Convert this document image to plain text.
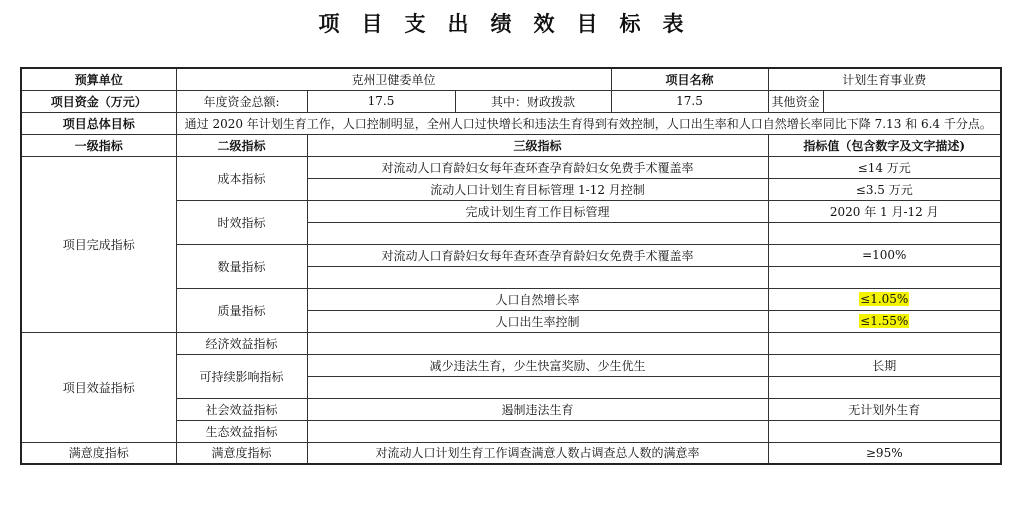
项目支出绩效目标表
预算单位	克州卫健委单位			项目名称	计划生育事业费	
项目资金（万元）	年度资金总额:	17.5	其中：财政拨款	17.5	其他资金	
项目总体目标	通过 2020 年计划生育工作，人口控制明显，全州人口过快增长和违法生育得到有效控制，人口出生率和人口自然增长率同比下降 7.13 和 6.4 千分点。					
一级指标	二级指标	三级指标			指标值（包含数字及文字描述)	
项目完成指标	成本指标	对流动人口育龄妇女每年查环查孕育龄妇女免费手术覆盖率			≤14 万元	
		流动人口计划生育目标管理 1-12 月控制			≤3.5 万元	
	时效指标	完成计划生育工作目标管理			2020 年 1 月-12 月	

	数量指标	对流动人口育龄妇女每年查环查孕育龄妇女免费手术覆盖率			=100%	

	质量指标	人口自然增长率			≤1.05%	
		人口出生率控制			≤1.55%	
项目效益指标	经济效益指标					
	可持续影响指标	减少违法生育，少生快富奖励、少生优生			长期	

	社会效益指标	遏制违法生育			无计划外生育	
	生态效益指标					
满意度指标	满意度指标	对流动人口计划生育工作调查满意人数占调查总人数的满意率			≥95%	
